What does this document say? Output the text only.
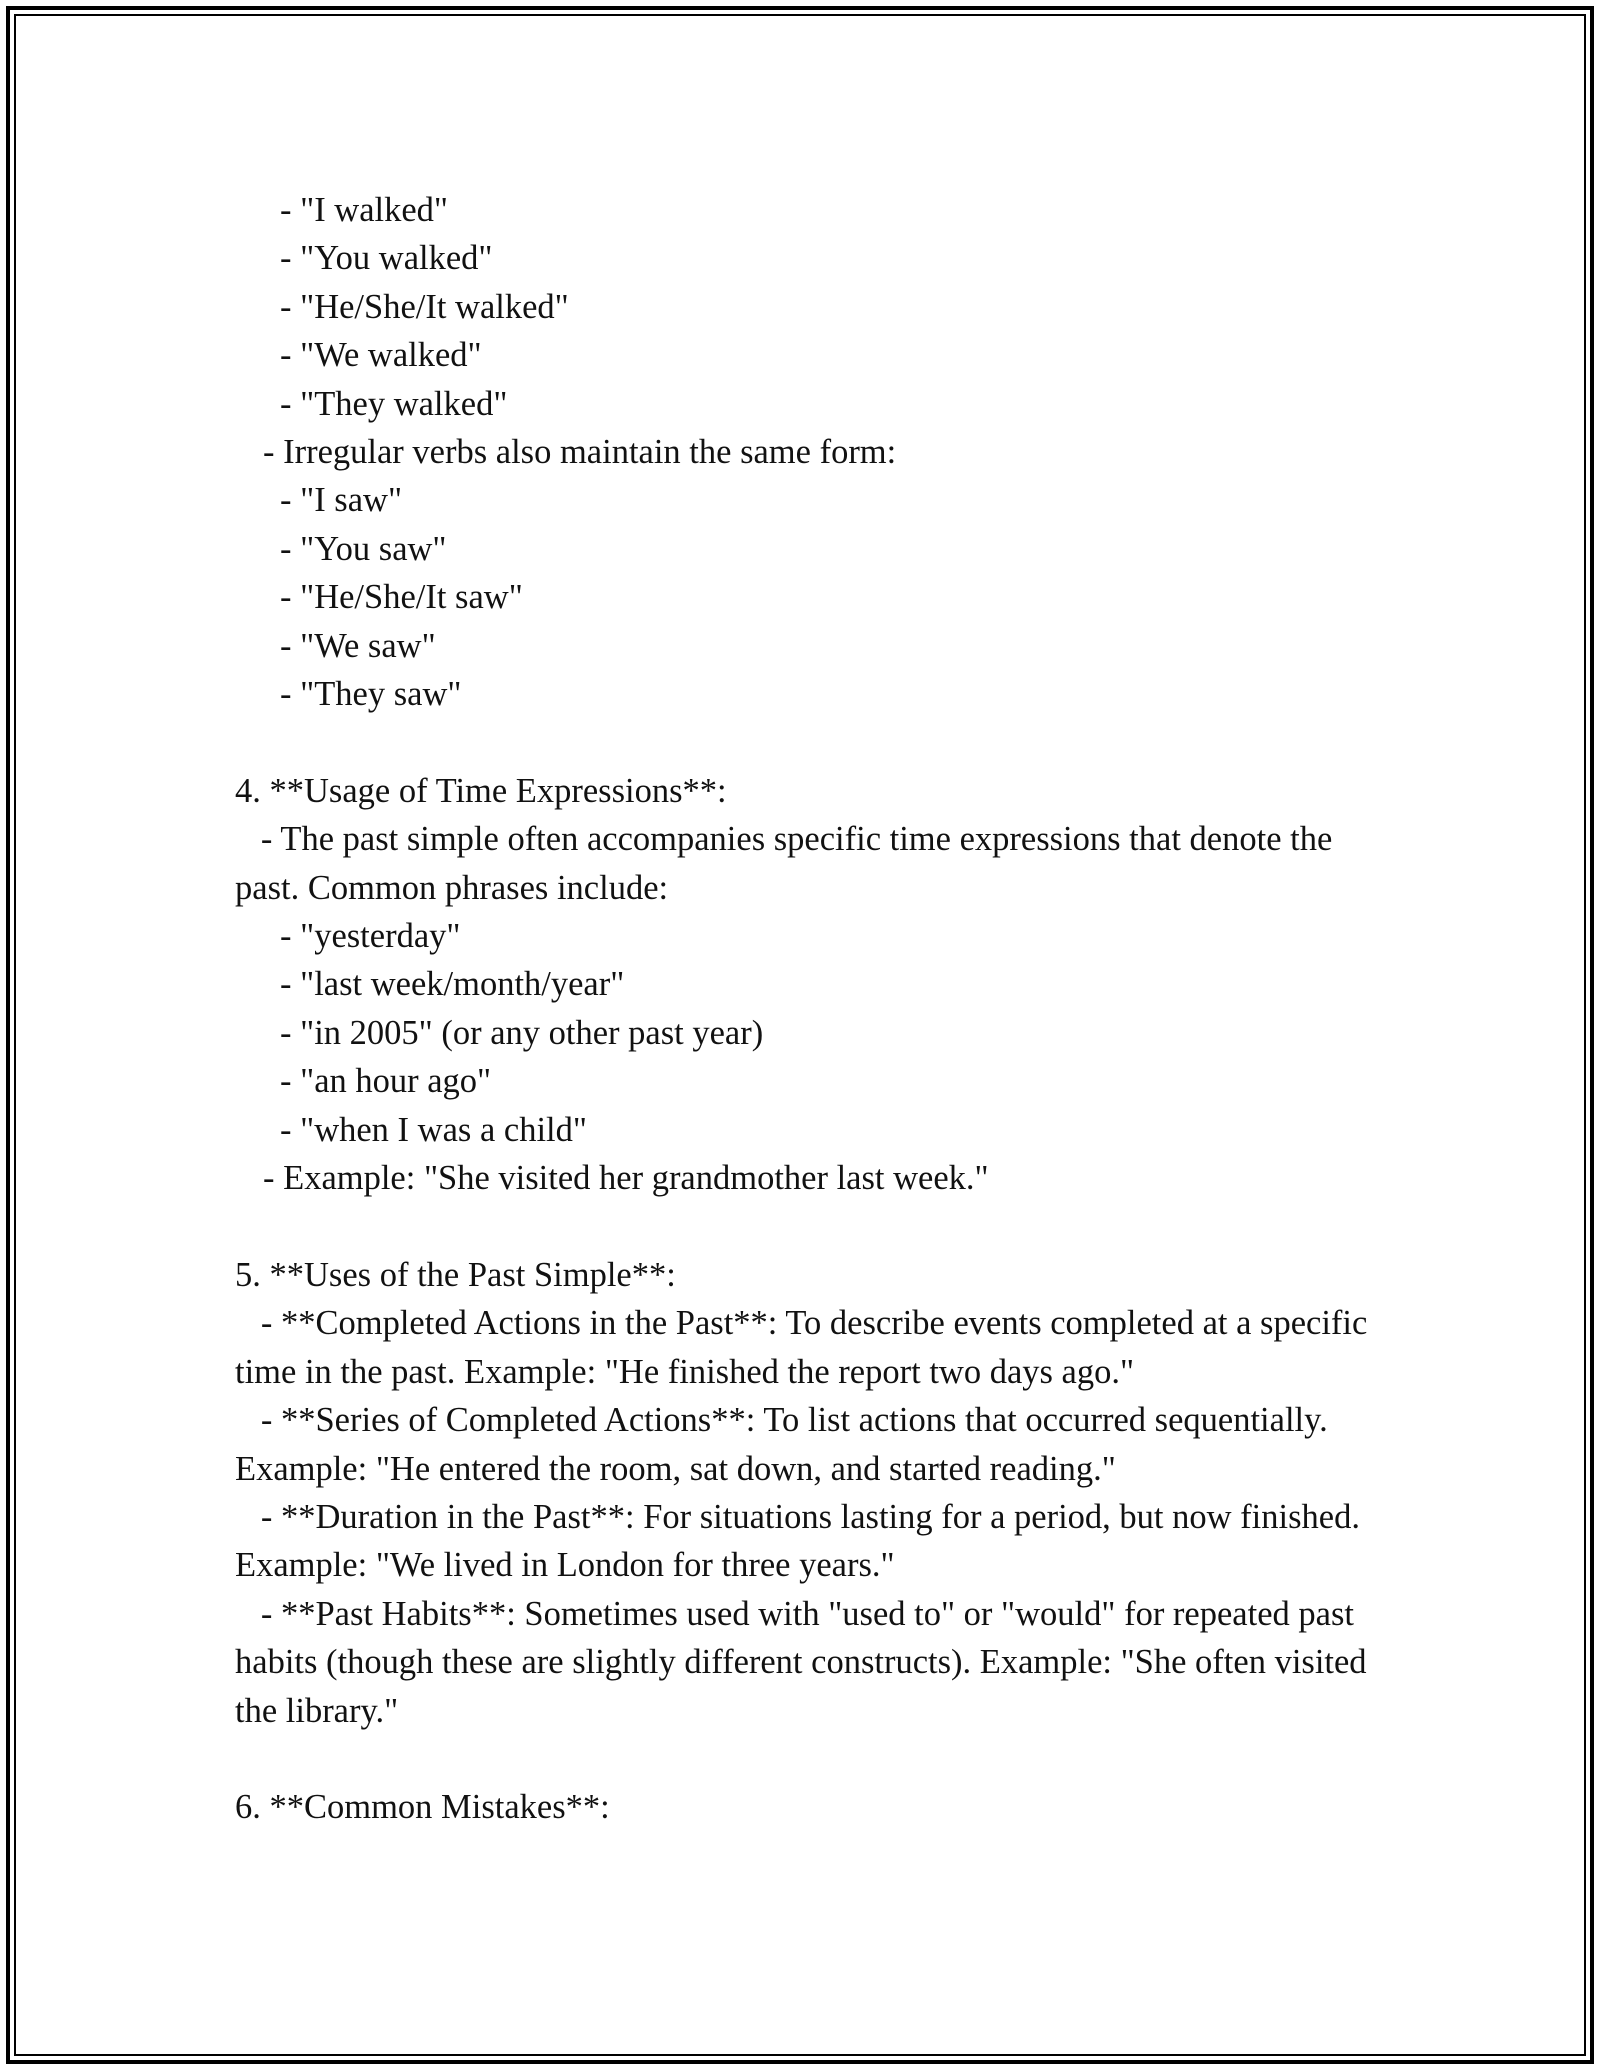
- "I walked"
- "You walked"
- "He/She/It walked"
- "We walked"
- "They walked"
- Irregular verbs also maintain the same form:
- "I saw"
- "You saw"
- "He/She/It saw"
- "We saw"
- "They saw"
4. **Usage of Time Expressions**:
- The past simple often accompanies specific time expressions that denote the past. Common phrases include:
- "yesterday"
- "last week/month/year"
- "in 2005" (or any other past year)
- "an hour ago"
- "when I was a child"
- Example: "She visited her grandmother last week."
5. **Uses of the Past Simple**:
- **Completed Actions in the Past**: To describe events completed at a specific time in the past. Example: "He finished the report two days ago."
- **Series of Completed Actions**: To list actions that occurred sequentially. Example: "He entered the room, sat down, and started reading."
- **Duration in the Past**: For situations lasting for a period, but now finished. Example: "We lived in London for three years."
- **Past Habits**: Sometimes used with "used to" or "would" for repeated past habits (though these are slightly different constructs). Example: "She often visited the library."
6. **Common Mistakes**:
